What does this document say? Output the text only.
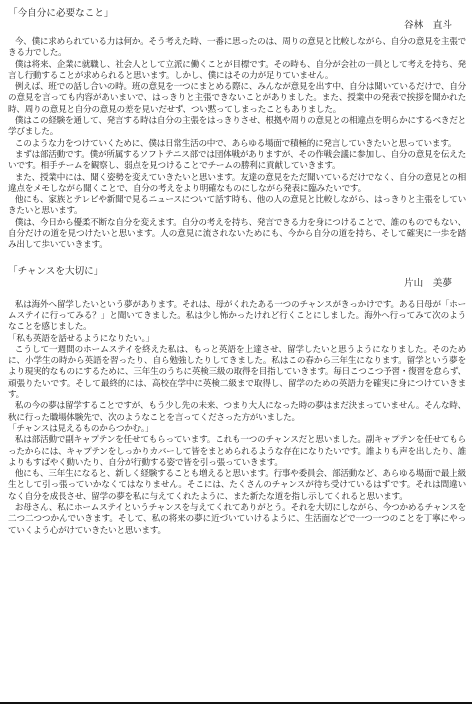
「今自分に必要なこと」

谷林　直斗

今、僕に求められている力は何か。そう考えた時、一番に思ったのは、周りの意見と比較しながら、自分の意見を主張できる力でした。

僕は将来、企業に就職し、社会人として立派に働くことが目標です。その時も、自分が会社の一員として考えを持ち、発言し行動することが求められると思います。しかし、僕にはその力が足りていません。

例えば、班での話し合いの時。班の意見を一つにまとめる際に、みんなが意見を出す中、自分は聞いているだけで、自分の意見を言っても内容があいまいで、はっきりと主張できないことがありました。また、授業中の発表で挨拶を聞かれた時、周りの意見と自分の意見の差を見いだせず、つい黙ってしまったこともありました。

僕はこの経験を通して、発言する時は自分の主張をはっきりさせ、根拠や周りの意見との相違点を明らかにするべきだと学びました。

このような力をつけていくために、僕は日常生活の中で、あらゆる場面で積極的に発言していきたいと思っています。

まずは部活動です。僕が所属するソフトテニス部では団体戦がありますが、その作戦会議に参加し、自分の意見を伝えたいです。相手チームを観察し、弱点を見つけることでチームの勝利に貢献していきます。

また、授業中には、聞く姿勢を変えていきたいと思います。友達の意見をただ聞いているだけでなく、自分の意見との相違点をメモしながら聞くことで、自分の考えをより明確なものにしながら発表に臨みたいです。

他にも、家族とテレビや新聞で見るニュースについて話す時も、他の人の意見と比較しながら、はっきりと主張をしていきたいと思います。

僕は、今日から優柔不断な自分を変えます。自分の考えを持ち、発言できる力を身につけることで、誰のものでもない、自分だけの道を見つけたいと思います。人の意見に流されないためにも、今から自分の道を持ち、そして確実に一歩を踏み出して歩いていきます。

「チャンスを大切に」

片山　美夢

私は海外へ留学したいという夢があります。それは、母がくれたある一つのチャンスがきっかけです。ある日母が「ホームステイに行ってみる？」と聞いてきました。私は少し怖かったけれど行くことにしました。海外へ行ってみて次のようなことを感じました。

「私も英語を話せるようになりたい。」

こうして一週間のホームステイを終えた私は、もっと英語を上達させ、留学したいと思うようになりました。そのために、小学生の時から英語を習ったり、自ら勉強したりしてきました。私はこの春から三年生になります。留学という夢をより現実的なものにするために、三年生のうちに英検三級の取得を目指していきます。毎日こつこつ予習・復習を怠らず、頑張りたいです。そして最終的には、高校在学中に英検二級まで取得し、留学のための英語力を確実に身につけていきます。

私の今の夢は留学することですが、もう少し先の未来、つまり大人になった時の夢はまだ決まっていません。そんな時、秋に行った職場体験先で、次のようなことを言ってくださった方がいました。

「チャンスは見えるものからつかむ。」

私は部活動で副キャプテンを任せてもらっています。これも一つのチャンスだと思いました。副キャプテンを任せてもらったからには、キャプテンをしっかりカバーして皆をまとめられるような存在になりたいです。誰よりも声を出したり、誰よりもすばやく動いたり、自分が行動する姿で皆を引っ張っていきます。

他にも、三年生になると、新しく経験することも増えると思います。行事や委員会、部活動など、あらゆる場面で最上級生として引っ張っていかなくてはなりません。そこには、たくさんのチャンスが待ち受けているはずです。それは間違いなく自分を成長させ、留学の夢を私に与えてくれたように、また新たな道を指し示してくれると思います。

お母さん、私にホームステイというチャンスを与えてくれてありがとう。それを大切にしながら、今つかめるチャンスを二つ二つつかんでいきます。そして、私の将来の夢に近づいていけるように、生活面などで一つ一つのことを丁寧にやっていくよう心がけていきたいと思います。
